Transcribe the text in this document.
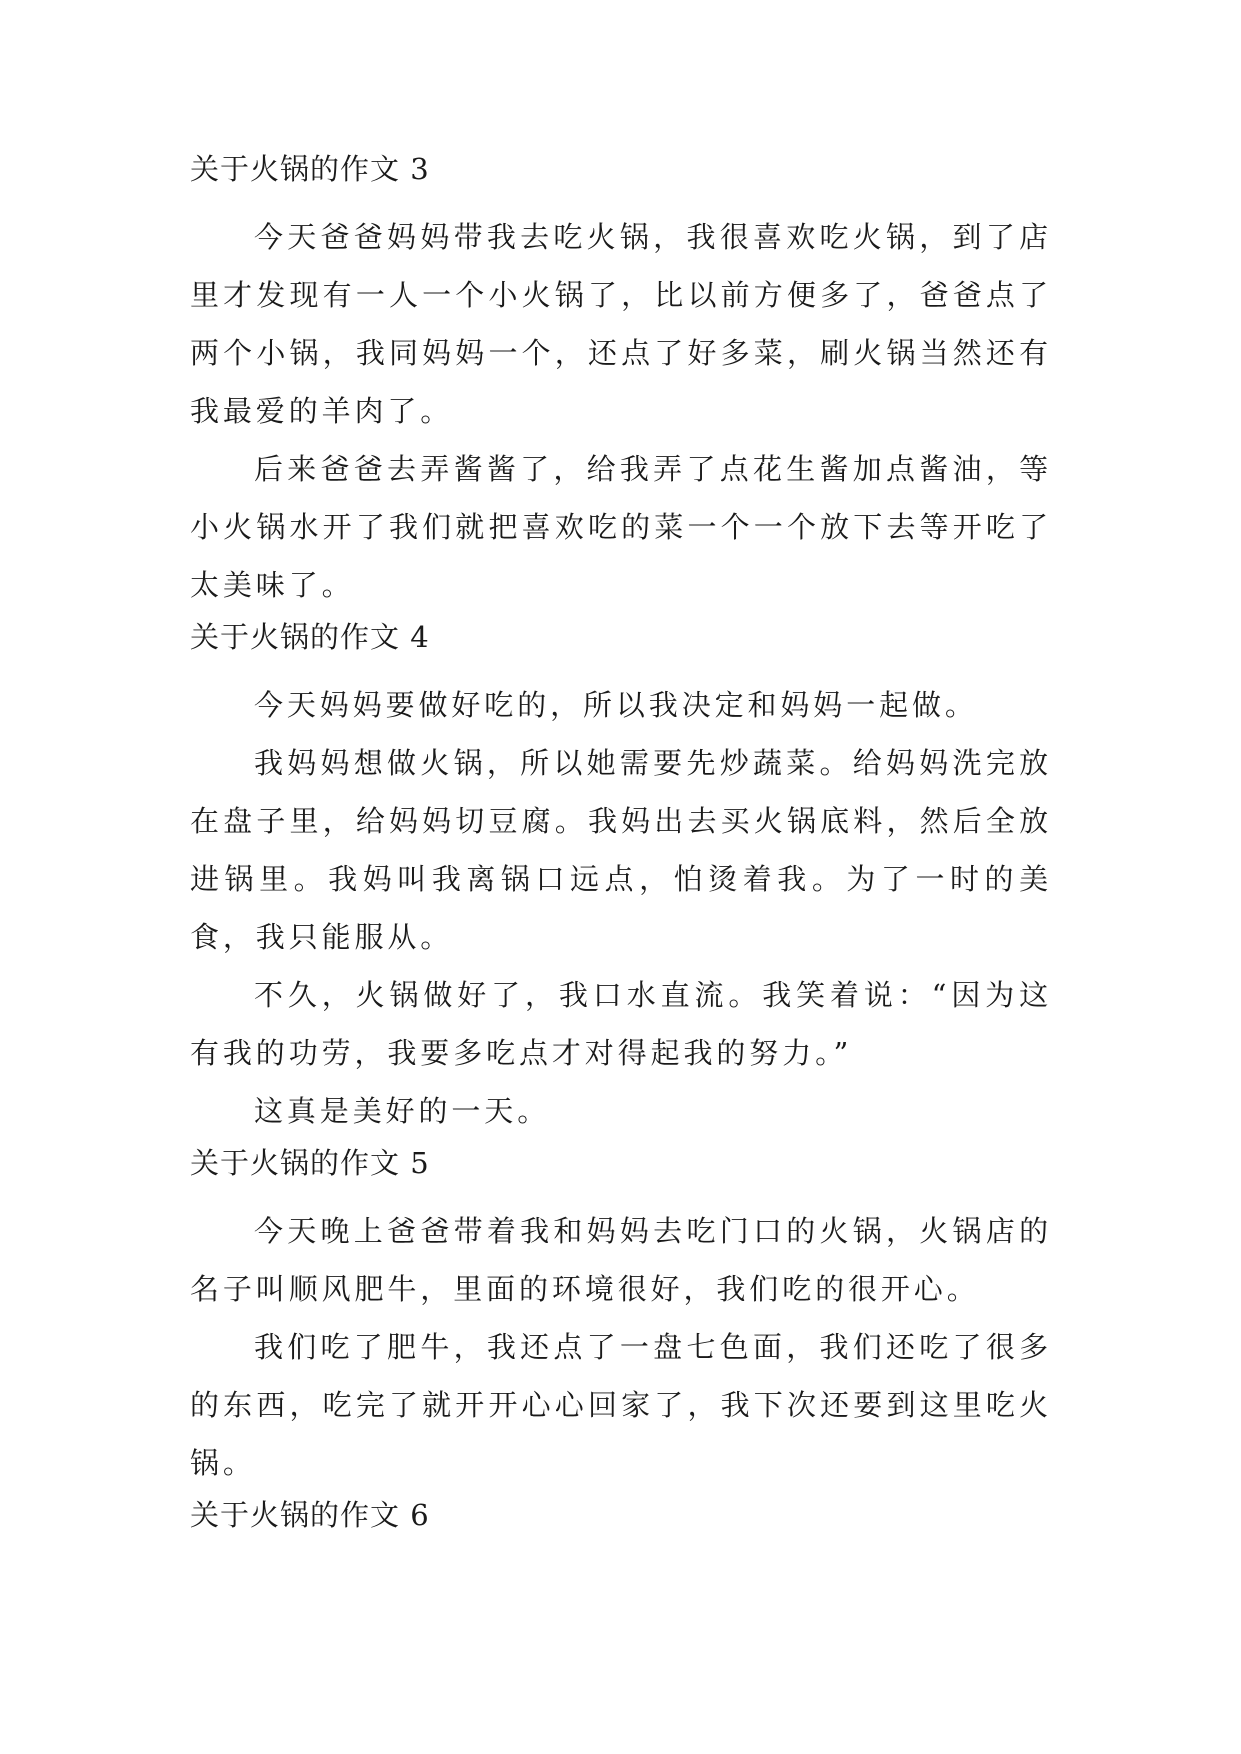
关于火锅的作文 3

今天爸爸妈妈带我去吃火锅，我很喜欢吃火锅，到了店里才发现有一人一个小火锅了，比以前方便多了，爸爸点了两个小锅，我同妈妈一个，还点了好多菜，刷火锅当然还有我最爱的羊肉了。

后来爸爸去弄酱酱了，给我弄了点花生酱加点酱油，等小火锅水开了我们就把喜欢吃的菜一个一个放下去等开吃了太美味了。

关于火锅的作文 4

今天妈妈要做好吃的，所以我决定和妈妈一起做。

我妈妈想做火锅，所以她需要先炒蔬菜。给妈妈洗完放在盘子里，给妈妈切豆腐。我妈出去买火锅底料，然后全放进锅里。我妈叫我离锅口远点，怕烫着我。为了一时的美食，我只能服从。

不久，火锅做好了，我口水直流。我笑着说：“因为这有我的功劳，我要多吃点才对得起我的努力。”

这真是美好的一天。

关于火锅的作文 5

今天晚上爸爸带着我和妈妈去吃门口的火锅，火锅店的名子叫顺风肥牛，里面的环境很好，我们吃的很开心。

我们吃了肥牛，我还点了一盘七色面，我们还吃了很多的东西，吃完了就开开心心回家了，我下次还要到这里吃火锅。

关于火锅的作文 6
